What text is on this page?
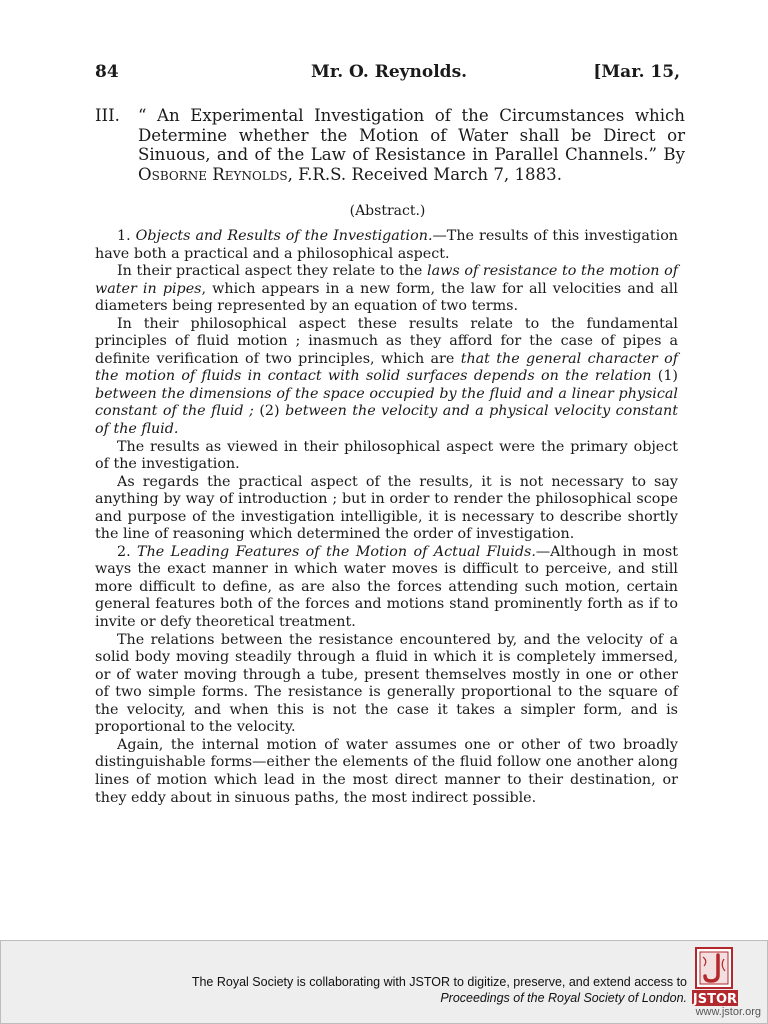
84	Mr. O. Reynolds.	[Mar. 15,
III. “ An Experimental Investigation of the Circumstances which Determine whether the Motion of Water shall be Direct or Sinuous, and of the Law of Resistance in Parallel Channels.” By Osborne Reynolds, F.R.S. Received March 7, 1883.
(Abstract.)

1. Objects and Results of the Investigation.—The results of this investigation have both a practical and a philosophical aspect.

In their practical aspect they relate to the laws of resistance to the motion of water in pipes, which appears in a new form, the law for all velocities and all diameters being represented by an equation of two terms.

In their philosophical aspect these results relate to the fundamental principles of fluid motion ; inasmuch as they afford for the case of pipes a definite verification of two principles, which are that the general character of the motion of fluids in contact with solid surfaces depends on the relation (1) between the dimensions of the space occupied by the fluid and a linear physical constant of the fluid ; (2) between the velocity and a physical velocity constant of the fluid.

The results as viewed in their philosophical aspect were the primary object of the investigation.

As regards the practical aspect of the results, it is not necessary to say anything by way of introduction ; but in order to render the philosophical scope and purpose of the investigation intelligible, it is necessary to describe shortly the line of reasoning which determined the order of investigation.

2. The Leading Features of the Motion of Actual Fluids.—Although in most ways the exact manner in which water moves is difficult to perceive, and still more difficult to define, as are also the forces attending such motion, certain general features both of the forces and motions stand prominently forth as if to invite or defy theoretical treatment.

The relations between the resistance encountered by, and the velocity of a solid body moving steadily through a fluid in which it is completely immersed, or of water moving through a tube, present themselves mostly in one or other of two simple forms. The resistance is generally proportional to the square of the velocity, and when this is not the case it takes a simpler form, and is proportional to the velocity.

Again, the internal motion of water assumes one or other of two broadly distinguishable forms—either the elements of the fluid follow one another along lines of motion which lead in the most direct manner to their destination, or they eddy about in sinuous paths, the most indirect possible.

The Royal Society is collaborating with JSTOR to digitize, preserve, and extend access to
Proceedings of the Royal Society of London. JSTOR
www.jstor.org
